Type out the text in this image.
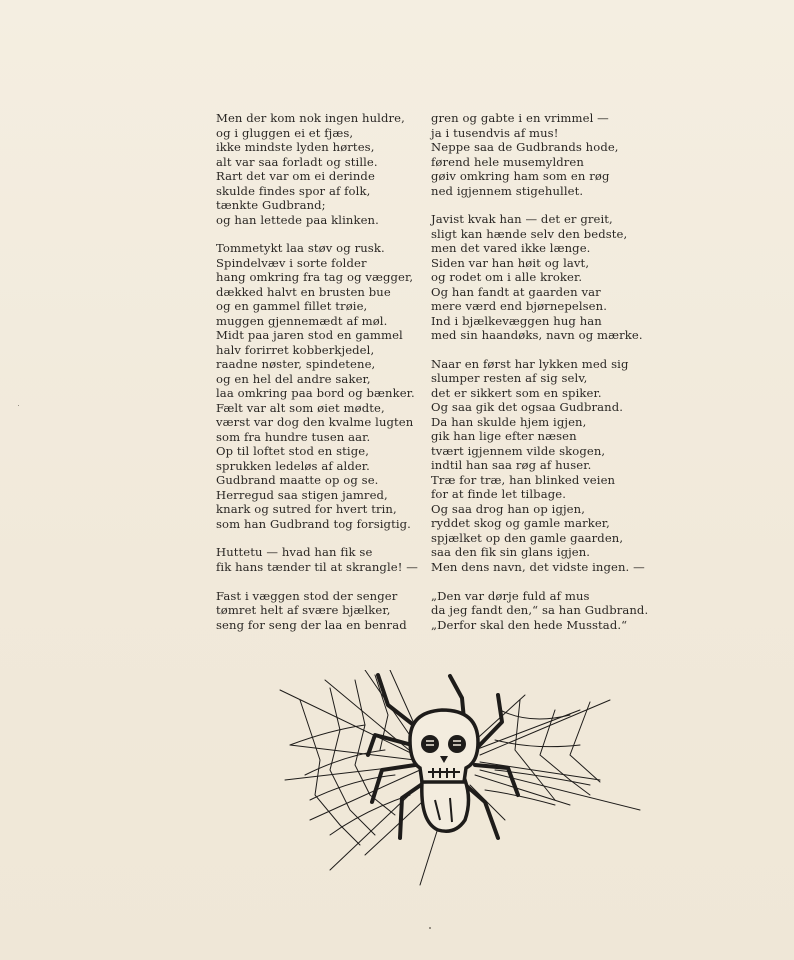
Men der kom nok ingen huldre,
og i gluggen ei et fjæs,
ikke mindste lyden hørtes,
alt var saa forladt og stille.
Rart det var om ei derinde
skulde findes spor af folk,
tænkte Gudbrand;
og han lettede paa klinken.

Tommetykt laa støv og rusk.
Spindelvæv i sorte folder
hang omkring fra tag og vægger,
dækked halvt en brusten bue
og en gammel fillet trøie,
muggen gjennemædt af møl.
Midt paa jaren stod en gammel
halv forirret kobberkjedel,
raadne nøster, spindetene,
og en hel del andre saker,
laa omkring paa bord og bænker.
Fælt var alt som øiet mødte,
værst var dog den kvalme lugten
som fra hundre tusen aar.
Op til loftet stod en stige,
sprukken ledeløs af alder.
Gudbrand maatte op og se.
Herregud saa stigen jamred,
knark og sutred for hvert trin,
som han Gudbrand tog forsigtig.

Huttetu — hvad han fik se
fik hans tænder til at skrangle! —

Fast i væggen stod der senger
tømret helt af svære bjælker,
seng for seng der laa en benrad

gren og gabte i en vrimmel —
ja i tusendvis af mus!
Neppe saa de Gudbrands hode,
førend hele musemyldren
gøiv omkring ham som en røg
ned igjennem stigehullet.

Javist kvak han — det er greit,
sligt kan hænde selv den bedste,
men det vared ikke længe.
Siden var han høit og lavt,
og rodet om i alle kroker.
Og han fandt at gaarden var
mere værd end bjørnepelsen.
Ind i bjælkevæggen hug han
med sin haandøks, navn og mærke.

Naar en først har lykken med sig
slumper resten af sig selv,
det er sikkert som en spiker.
Og saa gik det ogsaa Gudbrand.
Da han skulde hjem igjen,
gik han lige efter næsen
tvært igjennem vilde skogen,
indtil han saa røg af huser.
Træ for træ, han blinked veien
for at finde let tilbage.
Og saa drog han op igjen,
ryddet skog og gamle marker,
spjælket op den gamle gaarden,
saa den fik sin glans igjen.
Men dens navn, det vidste ingen. —

„Den var dørje fuld af mus
da jeg fandt den,“ sa han Gudbrand.
„Derfor skal den hede Musstad.“
